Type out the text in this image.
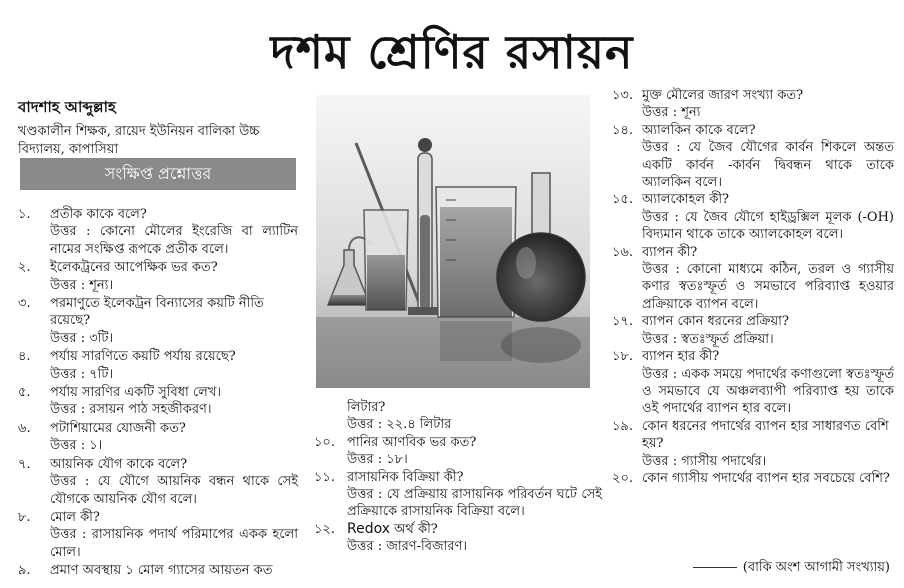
দশম শ্রেণির রসায়ন
বাদশাহ আব্দুল্লাহ
খণ্ডকালীন শিক্ষক, রায়েদ ইউনিয়ন বালিকা উচ্চ বিদ্যালয়, কাপাসিয়া
সংক্ষিপ্ত প্রশ্নোত্তর
১.	প্রতীক কাকে বলে?
উত্তর : কোনো মৌলের ইংরেজি বা ল্যাটিন নামের সংক্ষিপ্ত রূপকে প্রতীক বলে।
২.	ইলেকট্রনের আপেক্ষিক ভর কত?
উত্তর : শূন্য।
৩.	পরমাণুতে ইলেকট্রন বিন্যাসের কয়টি নীতি রয়েছে?
উত্তর : ৩টি।
৪.	পর্যায় সারণিতে কয়টি পর্যায় রয়েছে?
উত্তর : ৭টি।
৫.	পর্যায় সারণির একটি সুবিধা লেখ।
উত্তর : রসায়ন পাঠ সহজীকরণ।
৬.	পটাশিয়ামের যোজনী কত?
উত্তর : ১।
৭.	আয়নিক যৌগ কাকে বলে?
উত্তর : যে যৌগে আয়নিক বন্ধন থাকে সেই যৌগকে আয়নিক যৌগ বলে।
৮.	মোল কী?
উত্তর : রাসায়নিক পদার্থ পরিমাপের একক হলো মোল।
৯.	প্রমাণ অবস্থায় ১ মোল গ্যাসের আয়তন কত
লিটার?
উত্তর : ২২.৪ লিটার
১০. পানির আণবিক ভর কত?
উত্তর : ১৮।
১১. রাসায়নিক বিক্রিয়া কী?
উত্তর : যে প্রক্রিয়ায় রাসায়নিক পরিবর্তন ঘটে সেই প্রক্রিয়াকে রাসায়নিক বিক্রিয়া বলে।
১২. Redox অর্থ কী?
উত্তর : জারণ-বিজারণ।
১৩. মুক্ত মৌলের জারণ সংখ্যা কত?
উত্তর : শূন্য
১৪. অ্যালকিন কাকে বলে?
উত্তর : যে জৈব যৌগের কার্বন শিকলে অন্তত একটি কার্বন -কার্বন দ্বিবন্ধন থাকে তাকে অ্যালকিন বলে।
১৫. অ্যালকোহল কী?
উত্তর : যে জৈব যৌগে হাইড্রক্সিল মূলক (-OH) বিদ্যমান থাকে তাকে অ্যালকোহল বলে।
১৬. ব্যাপন কী?
উত্তর : কোনো মাধ্যমে কঠিন, তরল ও গ্যাসীয় কণার স্বতঃস্ফূর্ত ও সমভাবে পরিব্যাপ্ত হওয়ার প্রক্রিয়াকে ব্যাপন বলে।
১৭. ব্যাপন কোন ধরনের প্রক্রিয়া?
উত্তর : স্বতঃস্ফূর্ত প্রক্রিয়া।
১৮. ব্যাপন হার কী?
উত্তর : একক সময়ে পদার্থের কণাগুলো স্বতঃস্ফূর্ত ও সমভাবে যে অঞ্চলব্যাপী পরিব্যাপ্ত হয় তাকে ওই পদার্থের ব্যাপন হার বলে।
১৯. কোন ধরনের পদার্থের ব্যাপন হার সাধারণত বেশি হয়?
উত্তর : গ্যাসীয় পদার্থের।
২০. কোন গ্যাসীয় পদার্থের ব্যাপন হার সবচেয়ে বেশি?
(বাকি অংশ আগামী সংখ্যায়)
